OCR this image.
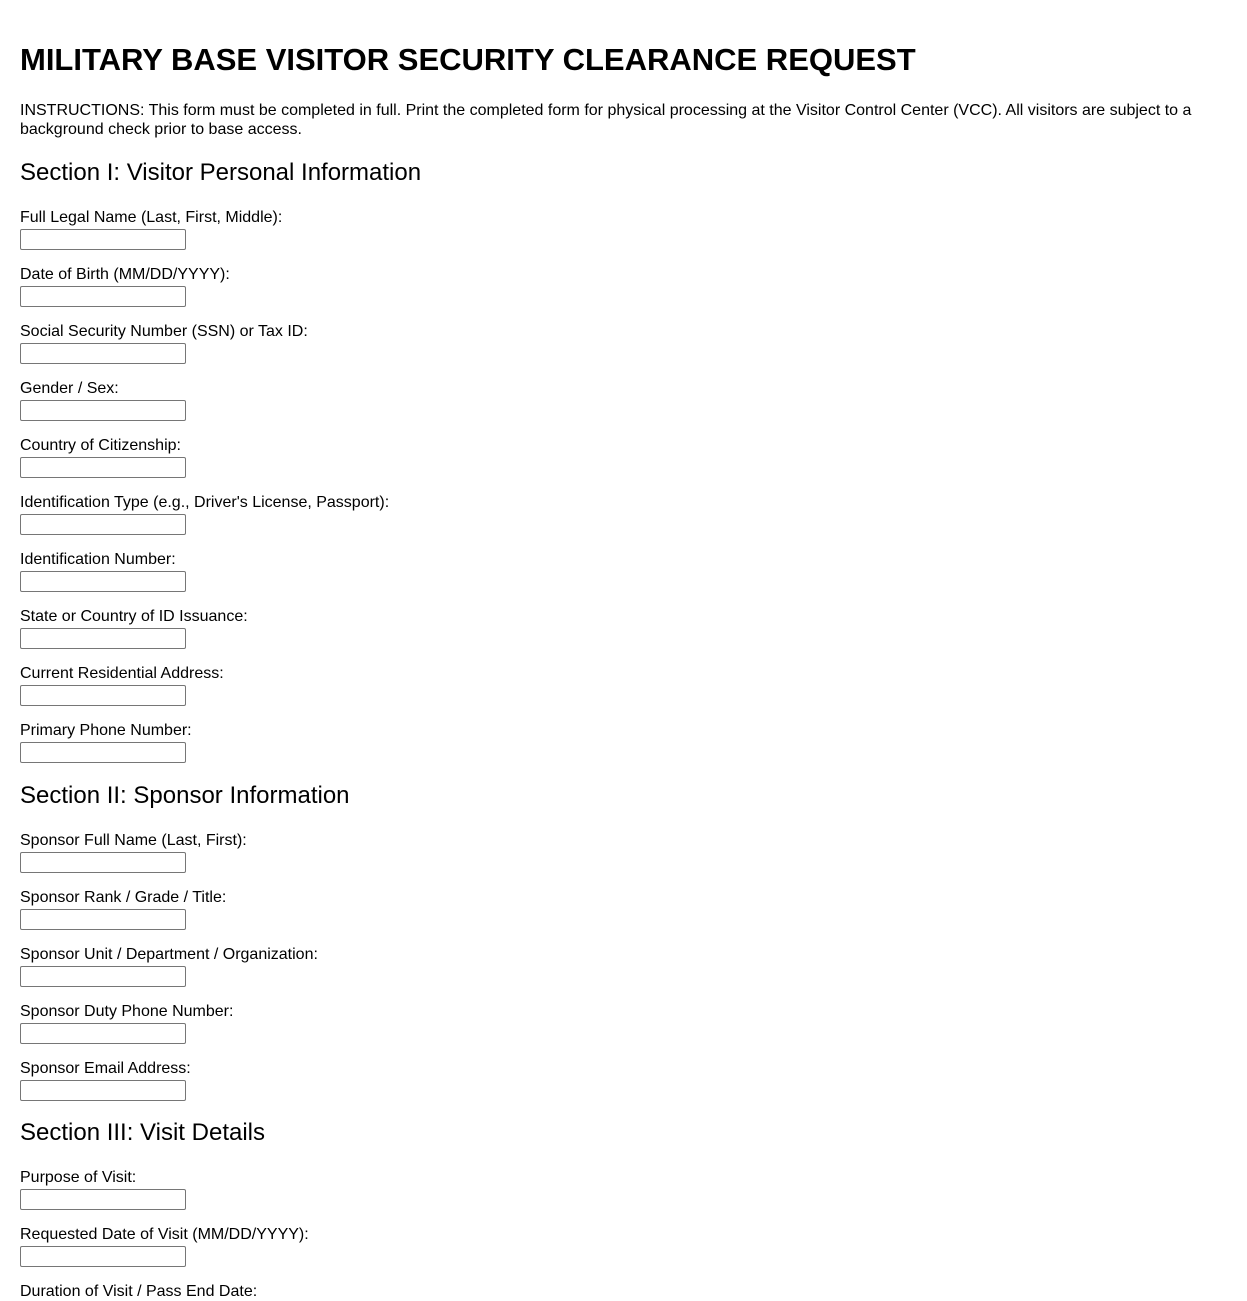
MILITARY BASE VISITOR SECURITY CLEARANCE REQUEST

INSTRUCTIONS: This form must be completed in full. Print the completed form for physical processing at the Visitor Control Center (VCC). All visitors are subject to a background check prior to base access.

Section I: Visitor Personal Information
Full Legal Name (Last, First, Middle):
Date of Birth (MM/DD/YYYY):
Social Security Number (SSN) or Tax ID:
Gender / Sex:
Country of Citizenship:
Identification Type (e.g., Driver's License, Passport):
Identification Number:
State or Country of ID Issuance:
Current Residential Address:
Primary Phone Number:
Section II: Sponsor Information
Sponsor Full Name (Last, First):
Sponsor Rank / Grade / Title:
Sponsor Unit / Department / Organization:
Sponsor Duty Phone Number:
Sponsor Email Address:
Section III: Visit Details
Purpose of Visit:
Requested Date of Visit (MM/DD/YYYY):
Duration of Visit / Pass End Date:
